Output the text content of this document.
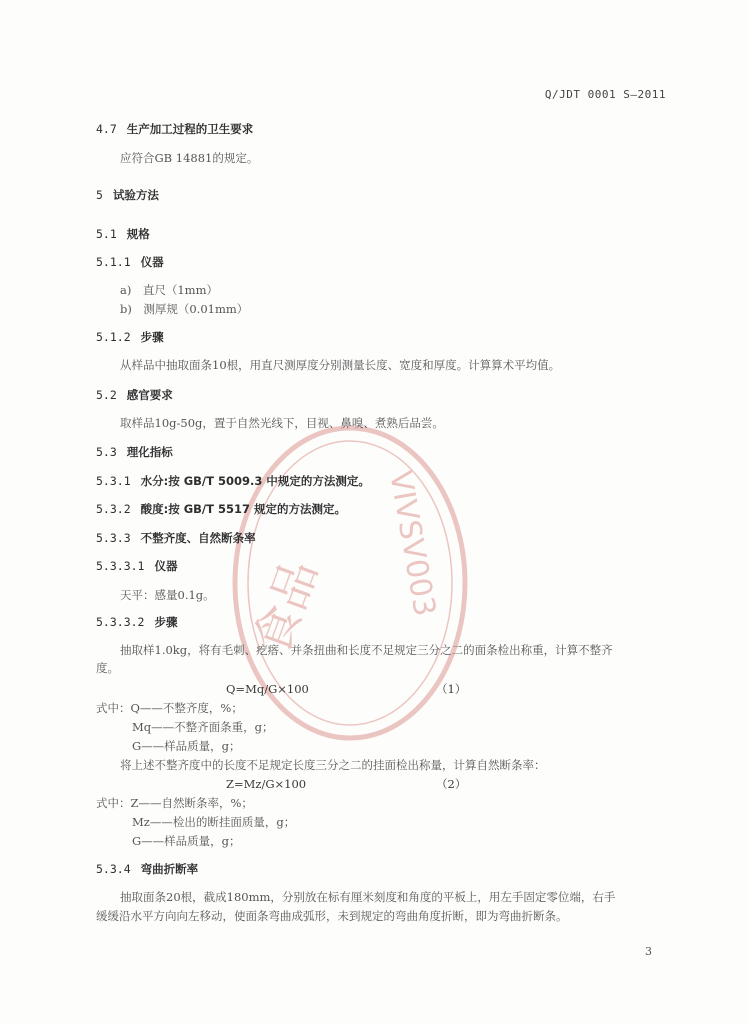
Q/JDT 0001 S—2011
VIVSV003
食品
4.7 生产加工过程的卫生要求
应符合GB 14881的规定。
5 试验方法
5.1 规格
5.1.1 仪器
a)　直尺（1mm）
b)　测厚规（0.01mm）
5.1.2 步骤
从样品中抽取面条10根，用直尺测厚度分别测量长度、宽度和厚度。计算算术平均值。
5.2 感官要求
取样品10g-50g，置于自然光线下，目视、鼻嗅、煮熟后品尝。
5.3 理化指标
5.3.1 水分:按 GB/T 5009.3 中规定的方法测定。
5.3.2 酸度:按 GB/T 5517 规定的方法测定。
5.3.3 不整齐度、自然断条率
5.3.3.1 仪器
天平：感量0.1g。
5.3.3.2 步骤
抽取样1.0kg，将有毛刺、疙瘩、并条扭曲和长度不足规定三分之二的面条检出称重，计算不整齐
度。
Q=Mq/G×100	（1）
式中：Q——不整齐度，%；
Mq——不整齐面条重，g；
G——样品质量，g；
将上述不整齐度中的长度不足规定长度三分之二的挂面检出称量，计算自然断条率：
Z=Mz/G×100	（2）
式中：Z——自然断条率，%；
Mz——检出的断挂面质量，g；
G——样品质量，g；
5.3.4 弯曲折断率
抽取面条20根，截成180mm，分别放在标有厘米刻度和角度的平板上，用左手固定零位端，右手
缓缓沿水平方向向左移动，使面条弯曲成弧形，未到规定的弯曲角度折断，即为弯曲折断条。
3
